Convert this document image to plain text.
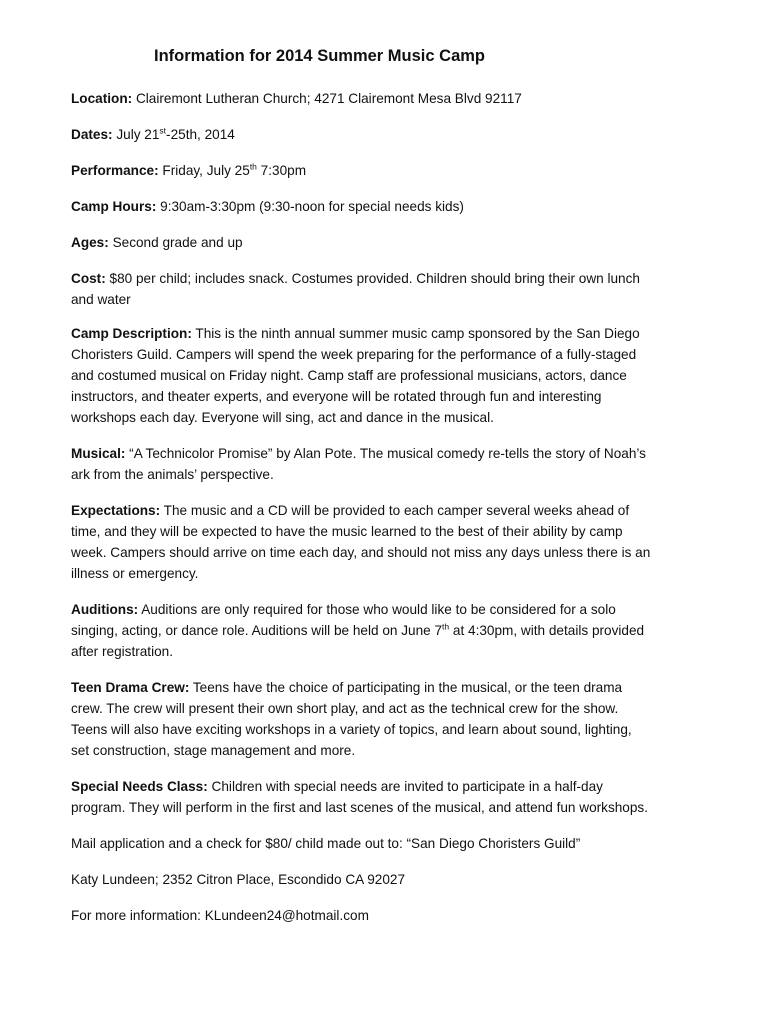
Information for 2014 Summer Music Camp

Location: Clairemont Lutheran Church; 4271 Clairemont Mesa Blvd 92117

Dates: July 21st-25th, 2014

Performance: Friday, July 25th 7:30pm

Camp Hours: 9:30am-3:30pm (9:30-noon for special needs kids)

Ages: Second grade and up

Cost: $80 per child; includes snack. Costumes provided. Children should bring their own lunch and water

Camp Description: This is the ninth annual summer music camp sponsored by the San Diego Choristers Guild. Campers will spend the week preparing for the performance of a fully-staged and costumed musical on Friday night. Camp staff are professional musicians, actors, dance instructors, and theater experts, and everyone will be rotated through fun and interesting workshops each day. Everyone will sing, act and dance in the musical.

Musical: “A Technicolor Promise” by Alan Pote. The musical comedy re-tells the story of Noah’s ark from the animals’ perspective.

Expectations: The music and a CD will be provided to each camper several weeks ahead of time, and they will be expected to have the music learned to the best of their ability by camp week. Campers should arrive on time each day, and should not miss any days unless there is an illness or emergency.

Auditions: Auditions are only required for those who would like to be considered for a solo singing, acting, or dance role. Auditions will be held on June 7th at 4:30pm, with details provided after registration.

Teen Drama Crew: Teens have the choice of participating in the musical, or the teen drama crew. The crew will present their own short play, and act as the technical crew for the show. Teens will also have exciting workshops in a variety of topics, and learn about sound, lighting, set construction, stage management and more.

Special Needs Class: Children with special needs are invited to participate in a half-day program. They will perform in the first and last scenes of the musical, and attend fun workshops.

Mail application and a check for $80/ child made out to: “San Diego Choristers Guild”

Katy Lundeen; 2352 Citron Place, Escondido CA 92027

For more information: KLundeen24@hotmail.com
